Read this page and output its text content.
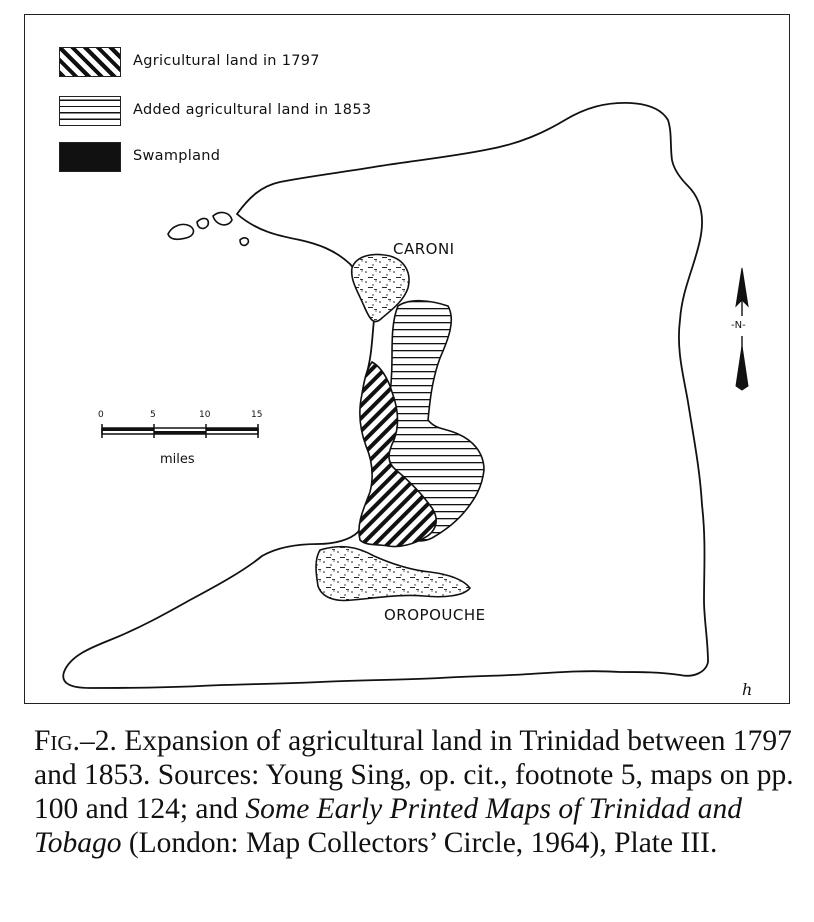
Agricultural land in 1797
Added agricultural land in 1853
Swampland
CARONI
OROPOUCHE
0	5	10	15
miles
-N-
ℎ
Fig.–2. Expansion of agricultural land in Trinidad between 1797 and 1853. Sources: Young Sing, op. cit., footnote 5, maps on pp. 100 and 124; and Some Early Printed Maps of Trinidad and Tobago (London: Map Collectors’ Circle, 1964), Plate III.
